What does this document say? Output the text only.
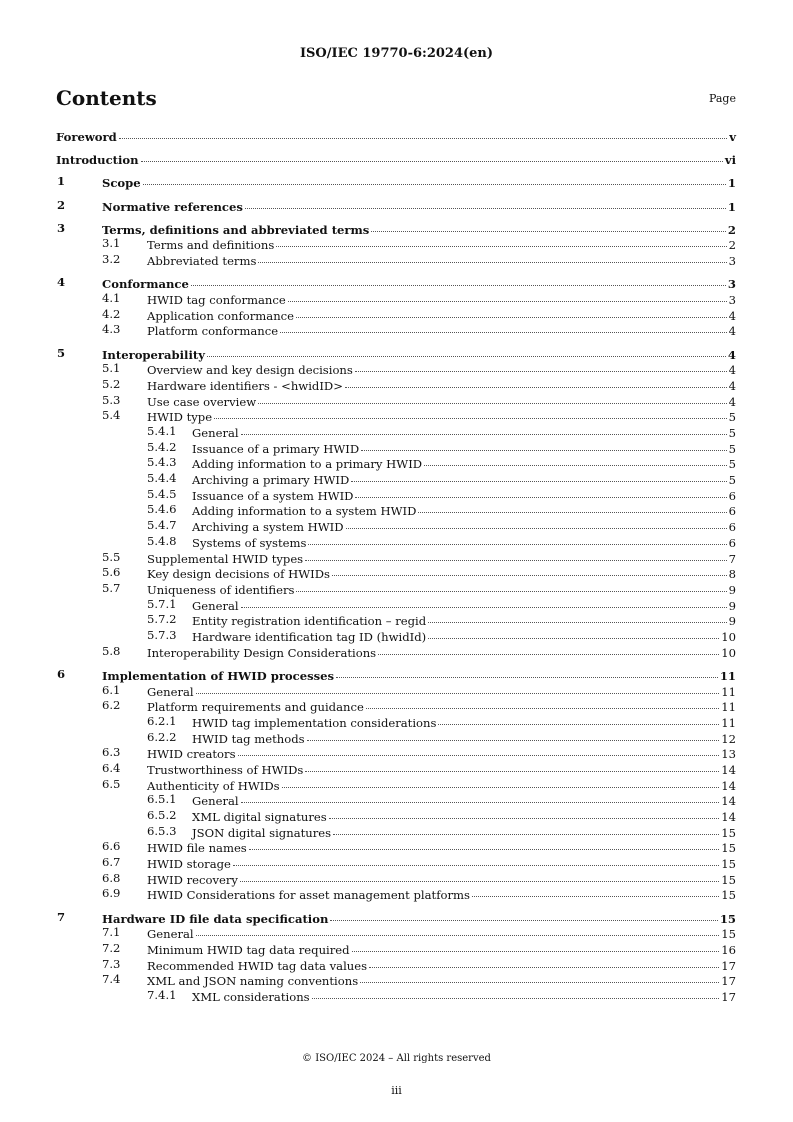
ISO/IEC 19770-6:2024(en)
Contents	Page
Foreword	v
Introduction	vi
1	Scope	1
2	Normative references	1
3	Terms, definitions and abbreviated terms	2
3.1 Terms and definitions	2
3.2 Abbreviated terms	3
4	Conformance	3
4.1 HWID tag conformance	3
4.2 Application conformance	4
4.3 Platform conformance	4
5	Interoperability	4
5.1 Overview and key design decisions	4
5.2 Hardware identifiers - <hwidID>	4
5.3 Use case overview	4
5.4 HWID type	5
5.4.1 General	5
5.4.2 Issuance of a primary HWID	5
5.4.3 Adding information to a primary HWID	5
5.4.4 Archiving a primary HWID	5
5.4.5 Issuance of a system HWID	6
5.4.6 Adding information to a system HWID	6
5.4.7 Archiving a system HWID	6
5.4.8 Systems of systems	6
5.5 Supplemental HWID types	7
5.6 Key design decisions of HWIDs	8
5.7 Uniqueness of identifiers	9
5.7.1 General	9
5.7.2 Entity registration identification – regid	9
5.7.3 Hardware identification tag ID (hwidId)	10
5.8 Interoperability Design Considerations	10
6	Implementation of HWID processes	11
6.1 General	11
6.2 Platform requirements and guidance	11
6.2.1 HWID tag implementation considerations	11
6.2.2 HWID tag methods	12
6.3 HWID creators	13
6.4 Trustworthiness of HWIDs	14
6.5 Authenticity of HWIDs	14
6.5.1 General	14
6.5.2 XML digital signatures	14
6.5.3 JSON digital signatures	15
6.6 HWID file names	15
6.7 HWID storage	15
6.8 HWID recovery	15
6.9 HWID Considerations for asset management platforms	15
7	Hardware ID file data specification	15
7.1 General	15
7.2 Minimum HWID tag data required	16
7.3 Recommended HWID tag data values	17
7.4 XML and JSON naming conventions	17
7.4.1 XML considerations	17
© ISO/IEC 2024 – All rights reserved
iii
